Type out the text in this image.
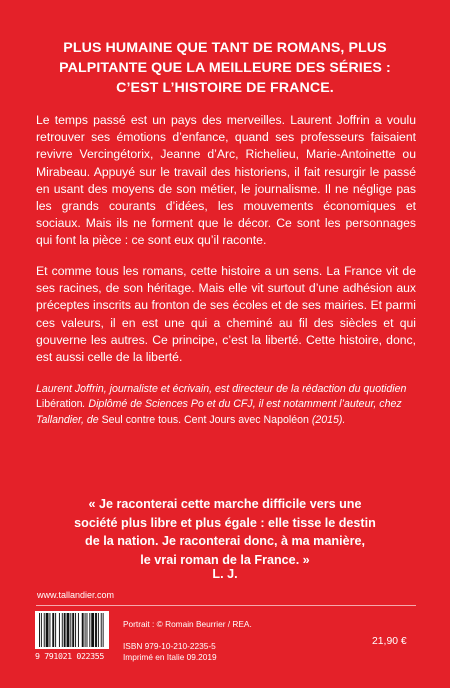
PLUS HUMAINE QUE TANT DE ROMANS, PLUS
PALPITANTE QUE LA MEILLEURE DES SÉRIES :
C’EST L’HISTOIRE DE FRANCE.
Le temps passé est un pays des merveilles. Laurent Joffrin a voulu retrouver ses émotions d’enfance, quand ses professeurs faisaient revivre Vercingétorix, Jeanne d’Arc, Richelieu, Marie-Antoinette ou Mirabeau. Appuyé sur le travail des historiens, il fait resurgir le passé en usant des moyens de son métier, le journalisme. Il ne néglige pas les grands courants d’idées, les mouvements économiques et sociaux. Mais ils ne forment que le décor. Ce sont les personnages qui font la pièce : ce sont eux qu’il raconte.
Et comme tous les romans, cette histoire a un sens. La France vit de ses racines, de son héritage. Mais elle vit surtout d’une adhésion aux préceptes inscrits au fronton de ses écoles et de ses mairies. Et parmi ces valeurs, il en est une qui a cheminé au fil des siècles et qui gouverne les autres. Ce principe, c’est la liberté. Cette histoire, donc, est aussi celle de la liberté.
Laurent Joffrin, journaliste et écrivain, est directeur de la rédaction du quotidien Libération. Diplômé de Sciences Po et du CFJ, il est notamment l’auteur, chez Tallandier, de Seul contre tous. Cent Jours avec Napoléon (2015).
« Je raconterai cette marche difficile vers une
société plus libre et plus égale : elle tisse le destin
de la nation. Je raconterai donc, à ma manière,
le vrai roman de la France. »
L. J.
www.tallandier.com
9 791021 022355
Portrait : © Romain Beurrier / REA.
ISBN 979-10-210-2235-5
Imprimé en Italie 09.2019
21,90 €
